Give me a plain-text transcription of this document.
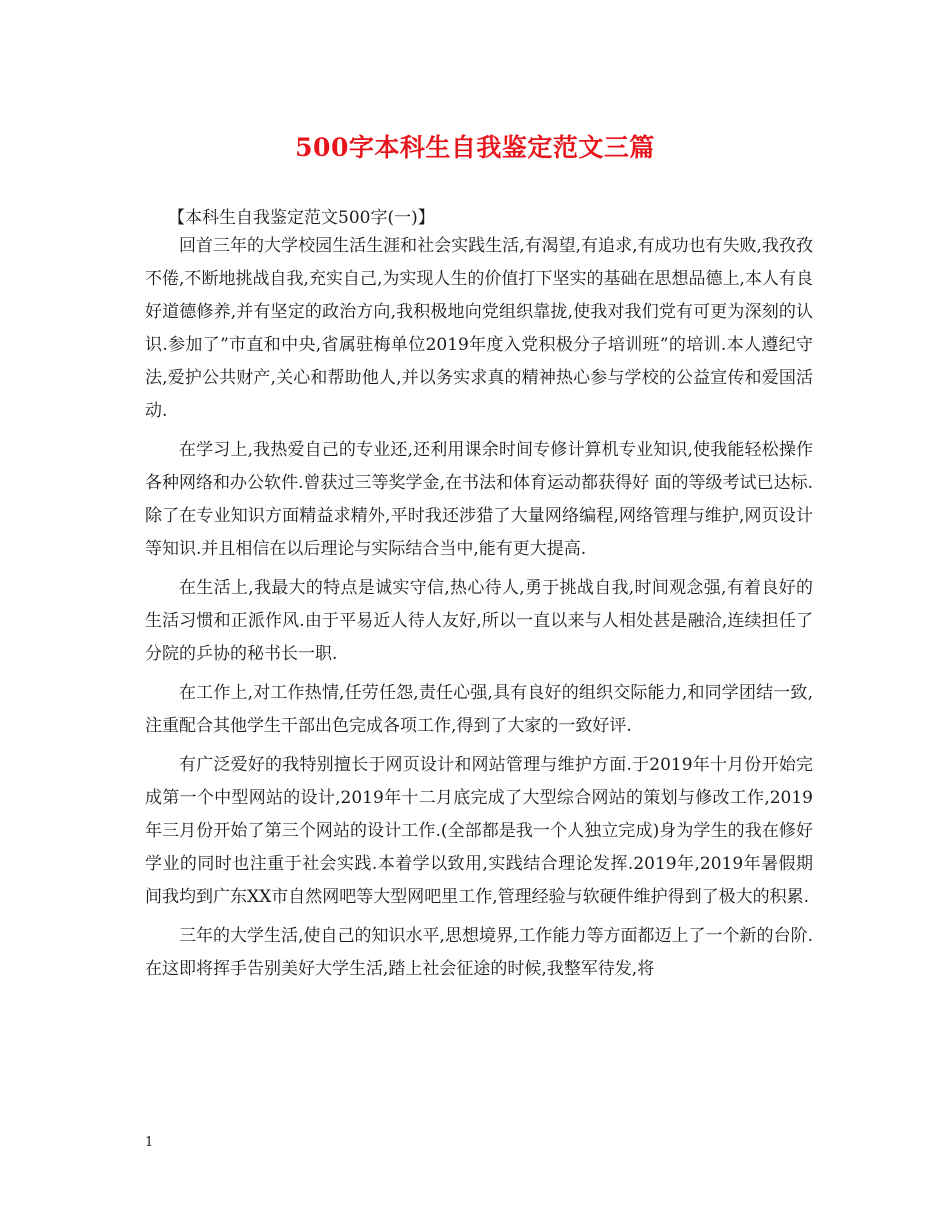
500字本科生自我鉴定范文三篇
【本科生自我鉴定范文500字(一)】

回首三年的大学校园生活生涯和社会实践生活,有渴望,有追求,有成功也有失败,我孜孜不倦,不断地挑战自我,充实自己,为实现人生的价值打下坚实的基础在思想品德上,本人有良好道德修养,并有坚定的政治方向,我积极地向党组织靠拢,使我对我们党有可更为深刻的认识.参加了”市直和中央,省属驻梅单位2019年度入党积极分子培训班”的培训.本人遵纪守法,爱护公共财产,关心和帮助他人,并以务实求真的精神热心参与学校的公益宣传和爱国活动.

在学习上,我热爱自己的专业还,还利用课余时间专修计算机专业知识,使我能轻松操作各种网络和办公软件.曾获过三等奖学金,在书法和体育运动都获得好 面的等级考试已达标.除了在专业知识方面精益求精外,平时我还涉猎了大量网络编程,网络管理与维护,网页设计等知识.并且相信在以后理论与实际结合当中,能有更大提高.

在生活上,我最大的特点是诚实守信,热心待人,勇于挑战自我,时间观念强,有着良好的生活习惯和正派作风.由于平易近人待人友好,所以一直以来与人相处甚是融洽,连续担任了分院的乒协的秘书长一职.

在工作上,对工作热情,任劳任怨,责任心强,具有良好的组织交际能力,和同学团结一致,注重配合其他学生干部出色完成各项工作,得到了大家的一致好评.

有广泛爱好的我特别擅长于网页设计和网站管理与维护方面.于2019年十月份开始完成第一个中型网站的设计,2019年十二月底完成了大型综合网站的策划与修改工作,2019年三月份开始了第三个网站的设计工作.(全部都是我一个人独立完成)身为学生的我在修好学业的同时也注重于社会实践.本着学以致用,实践结合理论发挥.2019年,2019年暑假期间我均到广东XX市自然网吧等大型网吧里工作,管理经验与软硬件维护得到了极大的积累.

三年的大学生活,使自己的知识水平,思想境界,工作能力等方面都迈上了一个新的台阶.在这即将挥手告别美好大学生活,踏上社会征途的时候,我整军待发,将

1
